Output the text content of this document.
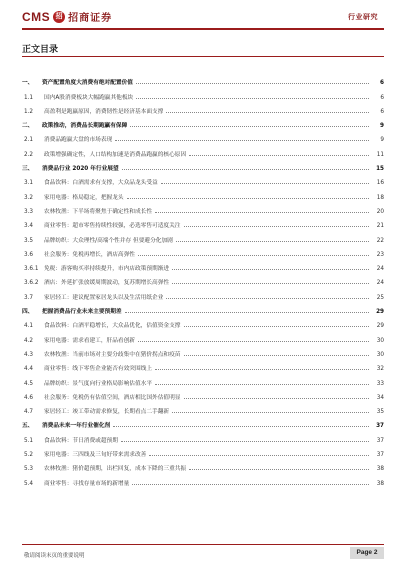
CMS 招 招商证券	行业研究
正文目录
一、	资产配置角度大消费有绝对配置价值	6
1.1	国内A股消费板块大幅跑赢其他板块	6
1.2	高盈利是跑赢原因，消费韧性是经济基本面支撑	6
二、	政策推动，消费品长期跑赢有保障	9
2.1	消费品跑赢大盘的市场表现	9
2.2	政策增强确定性，人口结构加速是消费品跑赢的核心原因	11
三、	消费品行业 2020 年行业展望	15
3.1	食品饮料：白酒需求有支撑，大众品龙头受益	16
3.2	家用电器：格局稳定，把握龙头	18
3.3	农林牧渔：下半场将聚焦于确定性和成长性	20
3.4	商业零售：超市零售持续性较强，必选零售可适度关注	21
3.5	品牌纺织：大众理性/高端个性并存 但要避分化加剧	22
3.6	社会服务：免税再增长，酒店高弹性	23
3.6.1 免税：游客购买率持续提升，市内店政策预期渐进	24
3.6.2 酒店：外延扩张放缓周期波动，复苏期增长高弹性	24
3.7	家居轻工：建议配置家居龙头以及生活用纸企业	25
四、	把握消费品行业未来主要预期差	29
4.1	食品饮料：白酒平稳增长，大众品优化，估值资金支撑	29
4.2	家用电器：需求看建工，肝品看创新	30
4.3	农林牧渔：当前市场对主要分歧集中在猪价拐点和疫苗	30
4.4	商业零售：线下零售企业能否有效突围线上	32
4.5	品牌纺织：景气度向行业格局影响估值水平	33
4.6	社会服务：免税仍有估值空间，酒店相比国外估值明显	34
4.7	家居轻工：竣工带动需求修复，长期看点二手翻新	35
五、	消费品未来一年行业催化剂	37
5.1	食品饮料：节日消费或超预期	37
5.2	家用电器：三四线及三旬好带来需求改善	37
5.3	农林牧渔：猪价超预期，出栏回复，成本下降的三重共振	38
5.4	商业零售：寻找存量市场的新增量	38
敬请阅读末页的重要说明	Page 2
